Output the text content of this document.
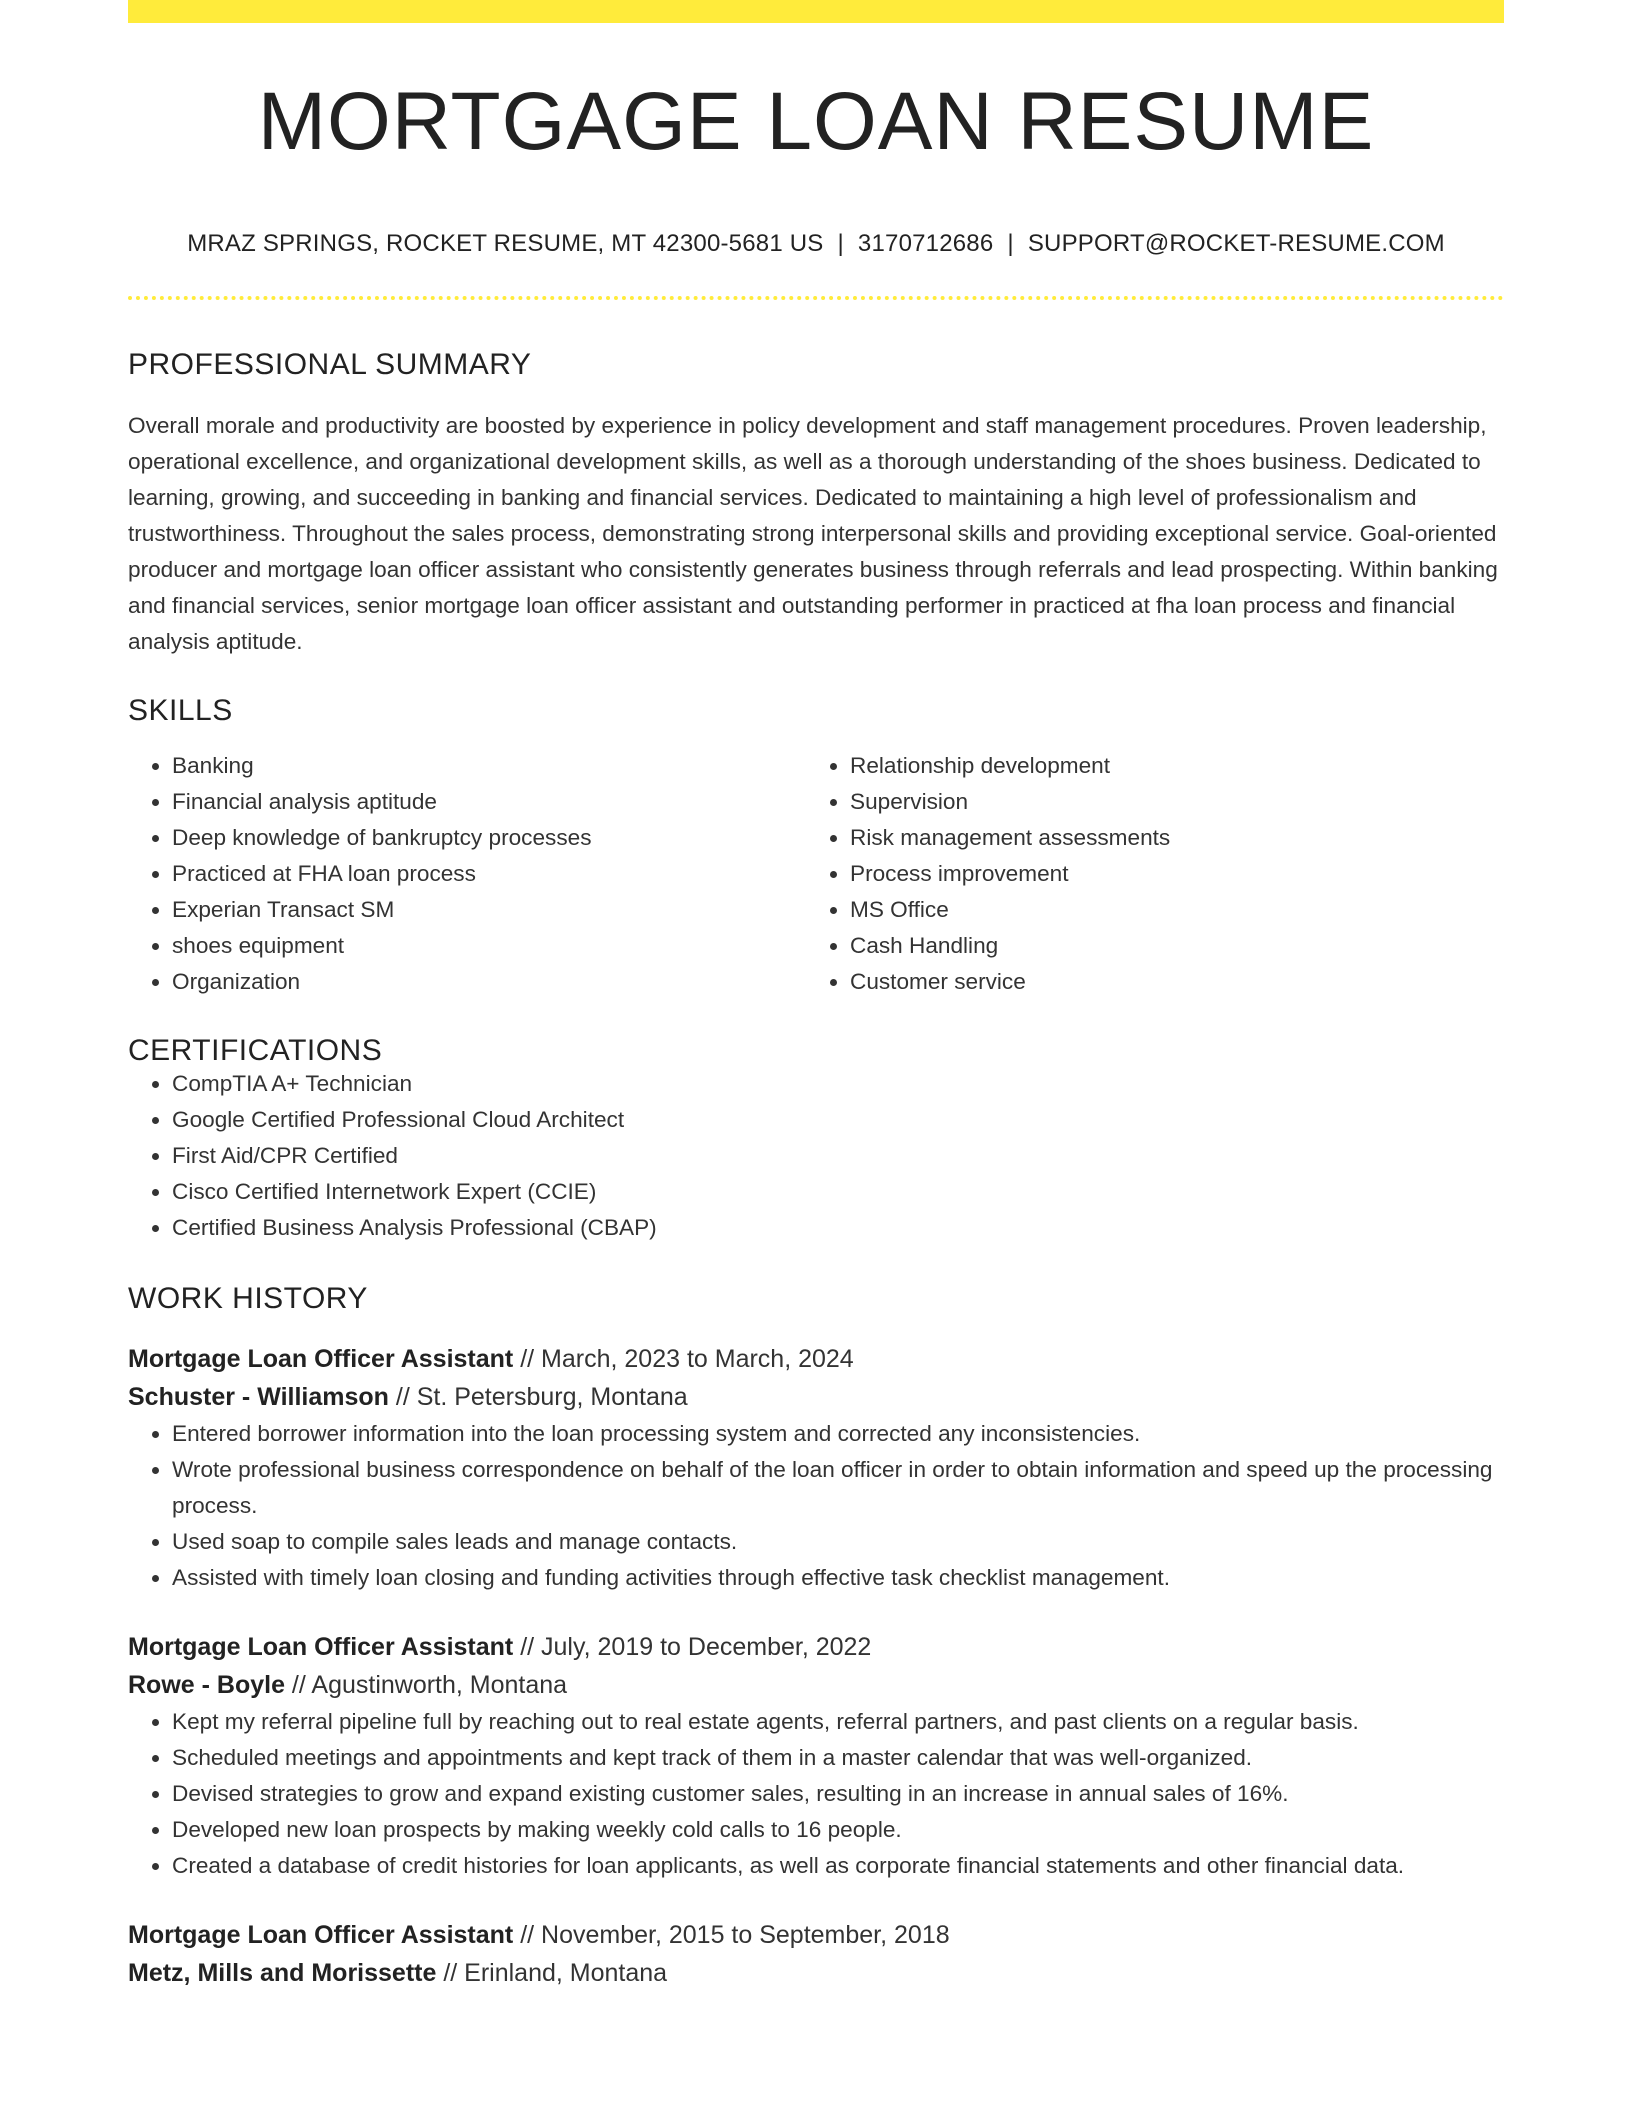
MORTGAGE LOAN RESUME
MRAZ SPRINGS, ROCKET RESUME, MT 42300-5681 US | 3170712686 | SUPPORT@ROCKET-RESUME.COM
PROFESSIONAL SUMMARY

Overall morale and productivity are boosted by experience in policy development and staff management procedures. Proven leadership, operational excellence, and organizational development skills, as well as a thorough understanding of the shoes business. Dedicated to learning, growing, and succeeding in banking and financial services. Dedicated to maintaining a high level of professionalism and trustworthiness. Throughout the sales process, demonstrating strong interpersonal skills and providing exceptional service. Goal-oriented producer and mortgage loan officer assistant who consistently generates business through referrals and lead prospecting. Within banking and financial services, senior mortgage loan officer assistant and outstanding performer in practiced at fha loan process and financial analysis aptitude.

SKILLS
• Banking
• Financial analysis aptitude
• Deep knowledge of bankruptcy processes
• Practiced at FHA loan process
• Experian Transact SM
• shoes equipment
• Organization
• Relationship development
• Supervision
• Risk management assessments
• Process improvement
• MS Office
• Cash Handling
• Customer service
CERTIFICATIONS
• CompTIA A+ Technician
• Google Certified Professional Cloud Architect
• First Aid/CPR Certified
• Cisco Certified Internetwork Expert (CCIE)
• Certified Business Analysis Professional (CBAP)
WORK HISTORY
Mortgage Loan Officer Assistant // March, 2023 to March, 2024
Schuster - Williamson // St. Petersburg, Montana
• Entered borrower information into the loan processing system and corrected any inconsistencies.
• Wrote professional business correspondence on behalf of the loan officer in order to obtain information and speed up the processing process.
• Used soap to compile sales leads and manage contacts.
• Assisted with timely loan closing and funding activities through effective task checklist management.
Mortgage Loan Officer Assistant // July, 2019 to December, 2022
Rowe - Boyle // Agustinworth, Montana
• Kept my referral pipeline full by reaching out to real estate agents, referral partners, and past clients on a regular basis.
• Scheduled meetings and appointments and kept track of them in a master calendar that was well-organized.
• Devised strategies to grow and expand existing customer sales, resulting in an increase in annual sales of 16%.
• Developed new loan prospects by making weekly cold calls to 16 people.
• Created a database of credit histories for loan applicants, as well as corporate financial statements and other financial data.
Mortgage Loan Officer Assistant // November, 2015 to September, 2018
Metz, Mills and Morissette // Erinland, Montana
